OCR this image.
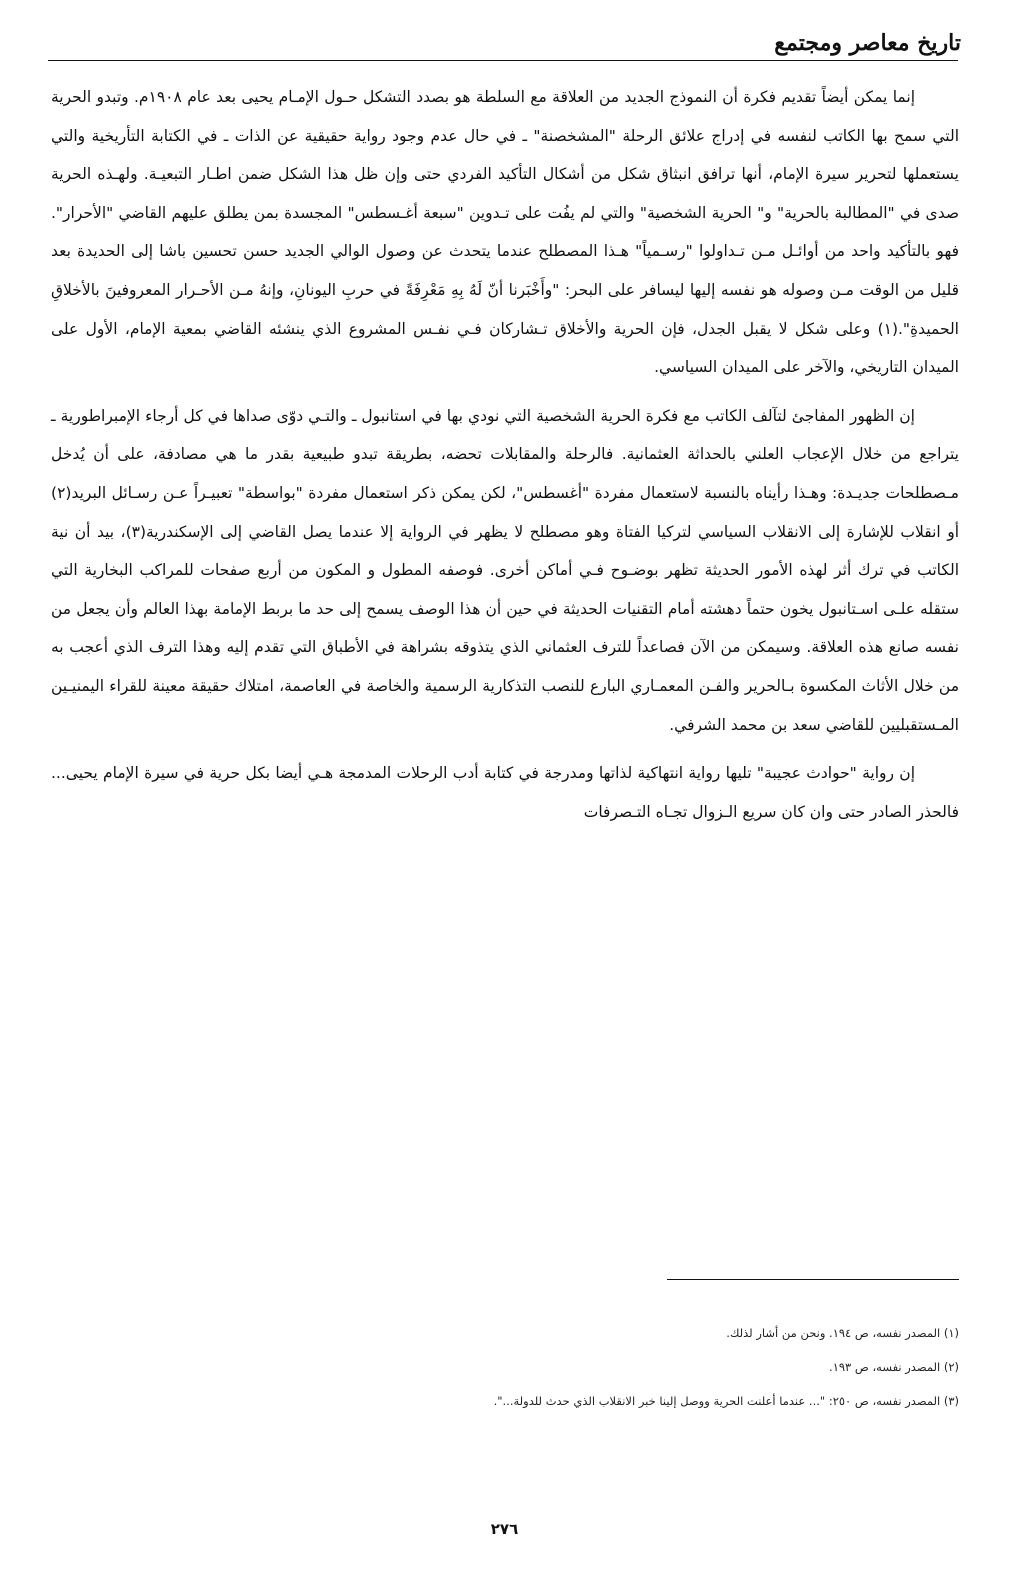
تاريخ معاصر ومجتمع

إنما يمكن أيضاً تقديم فكرة أن النموذج الجديد من العلاقة مع السلطة هو بصدد التشكل حـول الإمـام يحيى بعد عام ١٩٠٨م. وتبدو الحرية التي سمح بها الكاتب لنفسه في إدراج علائق الرحلة "المشخصنة" ـ في حال عدم وجود رواية حقيقية عن الذات ـ في الكتابة التأريخية والتي يستعملها لتحرير سيرة الإمام، أنها ترافق انبثاق شكل من أشكال التأكيد الفردي حتى وإن ظل هذا الشكل ضمن اطـار التبعيـة. ولهـذه الحرية صدى في "المطالبة بالحرية" و" الحرية الشخصية" والتي لم يفُت على تـدوين "سبعة أغـسطس" المجسدة بمن يطلق عليهم القاضي "الأحرار". فهو بالتأكيد واحد من أوائـل مـن تـداولوا "رسـمياً" هـذا المصطلح عندما يتحدث عن وصول الوالي الجديد حسن تحسين باشا إلى الحديدة بعد قليل من الوقت مـن وصوله هو نفسه إليها ليسافر على البحر: "وأَخْبَرنا أنّ لَهُ بِهِ مَعْرِفَةً في حربِ اليونانِ، وإنهُ مـن الأحـرار المعروفينَ بالأخلاقِ الحميدةِ".(١) وعلى شكل لا يقبل الجدل، فإن الحرية والأخلاق تـشاركان فـي نفـس المشروع الذي ينشئه القاضي بمعية الإمام، الأول على الميدان التاريخي، والآخر على الميدان السياسي.

إن الظهور المفاجئ لتآلف الكاتب مع فكرة الحرية الشخصية التي نودي بها في استانبول ـ والتـي دوّى صداها في كل أرجاء الإمبراطورية ـ يتراجع من خلال الإعجاب العلني بالحداثة العثمانية. فالرحلة والمقابلات تحضه، بطريقة تبدو طبيعية بقدر ما هي مصادفة، على أن يُدخل مـصطلحات جديـدة: وهـذا رأيناه بالنسبة لاستعمال مفردة "أغسطس"، لكن يمكن ذكر استعمال مفردة "بواسطة" تعبيـراً عـن رسـائل البريد(٢) أو انقلاب للإشارة إلى الانقلاب السياسي لتركيا الفتاة وهو مصطلح لا يظهر في الرواية إلا عندما يصل القاضي إلى الإسكندرية(٣)، بيد أن نية الكاتب في ترك أثر لهذه الأمور الحديثة تظهر بوضـوح فـي أماكن أخرى. فوصفه المطول و المكون من أربع صفحات للمراكب البخارية التي ستقله علـى اسـتانبول يخون حتماً دهشته أمام التقنيات الحديثة في حين أن هذا الوصف يسمح إلى حد ما بربط الإمامة بهذا العالم وأن يجعل من نفسه صانع هذه العلاقة. وسيمكن من الآن فصاعداً للترف العثماني الذي يتذوقه بشراهة في الأطباق التي تقدم إليه وهذا الترف الذي أعجب به من خلال الأثاث المكسوة بـالحرير والفـن المعمـاري البارع للنصب التذكارية الرسمية والخاصة في العاصمة، امتلاك حقيقة معينة للقراء اليمنيـين المـستقبليين للقاضي سعد بن محمد الشرفي.

إن رواية "حوادث عجيبة" تليها رواية انتهاكية لذاتها ومدرجة في كتابة أدب الرحلات المدمجة هـي أيضا بكل حرية في سيرة الإمام يحيى... فالحذر الصادر حتى وان كان سريع الـزوال تجـاه التـصرفات

(١) المصدر نفسه، ص ١٩٤. ونحن من أشار لذلك.

(٢) المصدر نفسه، ص ١٩٣.

(٣) المصدر نفسه، ص ٢٥٠: "... عندما أعلنت الحرية ووصل إلينا خبر الانقلاب الذي حدث للدولة...".

٢٧٦
